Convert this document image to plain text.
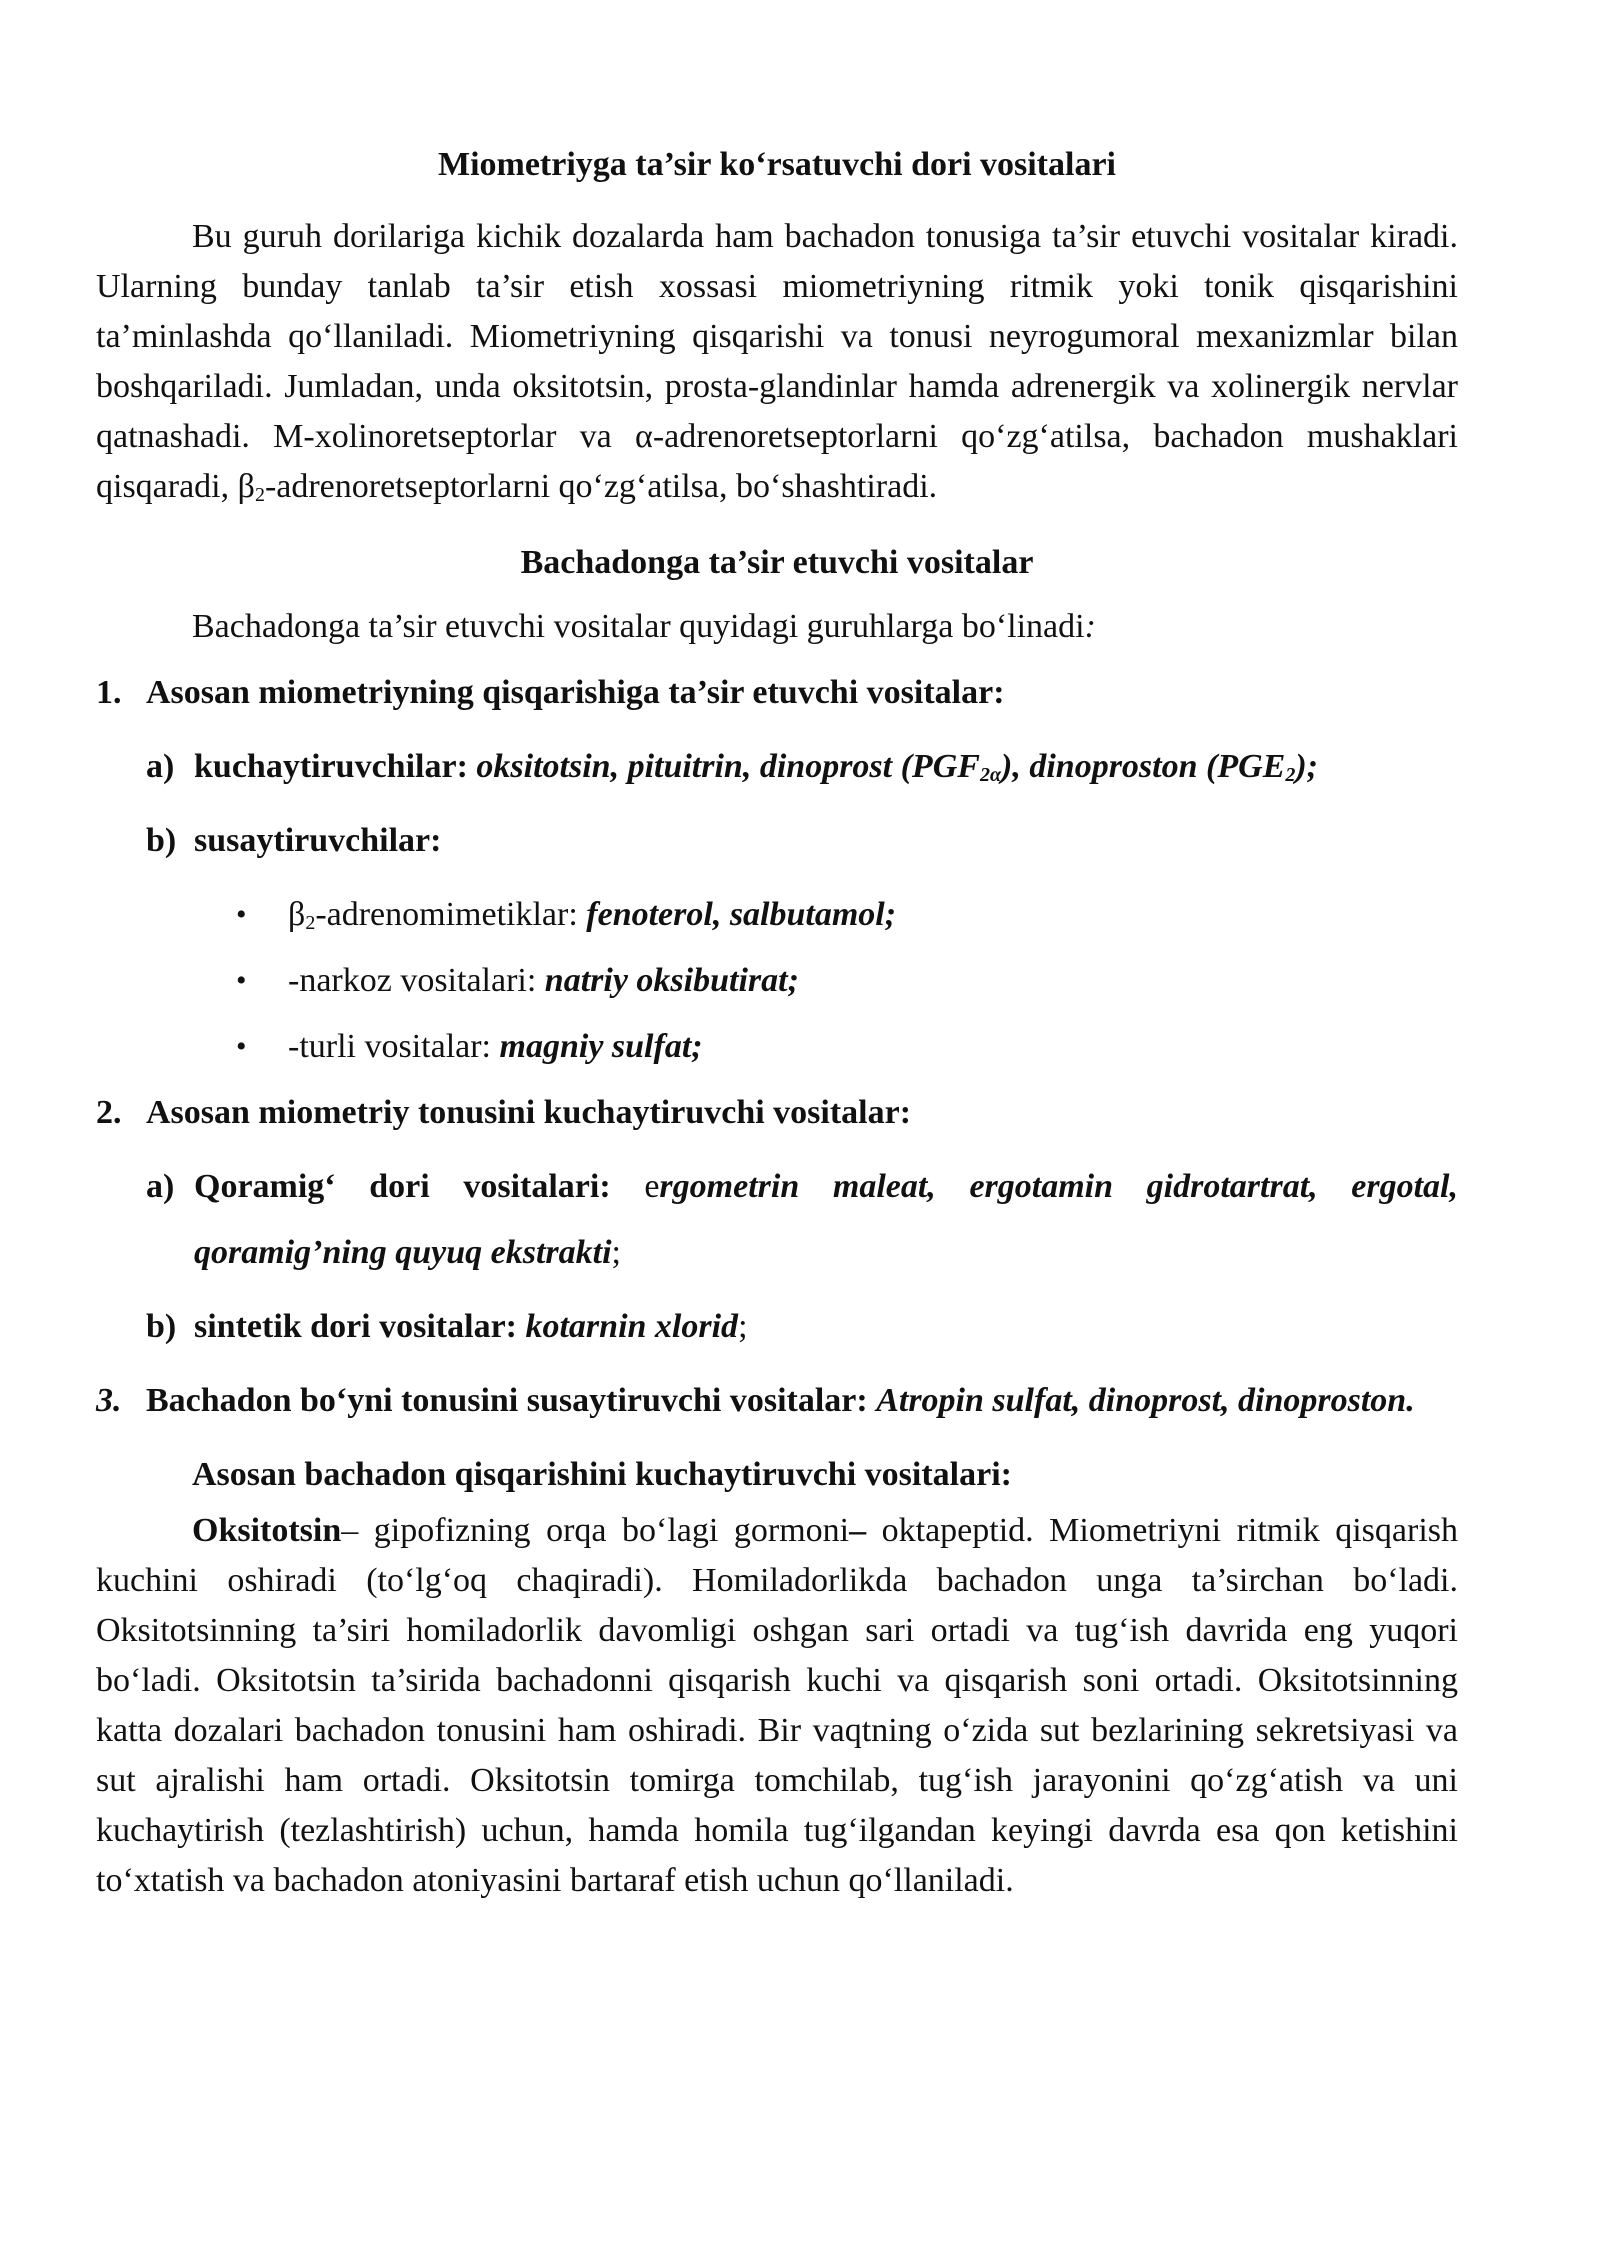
Miometriyga ta’sir ko‘rsatuvchi dori vositalari

Bu guruh dorilariga kichik dozalarda ham bachadon tonusiga ta’sir etuvchi vositalar kiradi. Ularning bunday tanlab ta’sir etish xossasi miometriyning ritmik yoki tonik qisqarishini ta’minlashda qo‘llaniladi. Miometriyning qisqarishi va tonusi neyrogumoral mexanizmlar bilan boshqariladi. Jumladan, unda oksitotsin, prosta-glandinlar hamda adrenergik va xolinergik nervlar qatnashadi. M-xolinoretseptorlar va α-adrenoretseptorlarni qo‘zg‘atilsa, bachadon mushaklari qisqaradi, $\beta_2$-adrenoretseptorlarni qo‘zg‘atilsa, bo‘shashtiradi.

Bachadonga ta’sir etuvchi vositalar

Bachadonga ta’sir etuvchi vositalar quyidagi guruhlarga bo‘linadi:

1. Asosan miometriyning qisqarishiga ta’sir etuvchi vositalar:
a) kuchaytiruvchilar: oksitotsin, pituitrin, dinoprost $(PGF_{2\alpha})$, dinoproston $(PGE_2)$;
b) susaytiruvchilar:
•	$\beta_2$-adrenomimetiklar: fenoterol, salbutamol;
•	-narkoz vositalari: natriy oksibutirat;
•	-turli vositalar: magniy sulfat;
2. Asosan miometriy tonusini kuchaytiruvchi vositalar:
a) Qoramig‘ dori vositalari: ergometrin maleat, ergotamin gidrotartrat, ergotal, qoramig’ning quyuq ekstrakti;
b) sintetik dori vositalar: kotarnin xlorid;
3. Bachadon bo‘yni tonusini susaytiruvchi vositalar: Atropin sulfat, dinoprost, dinoproston.

Asosan bachadon qisqarishini kuchaytiruvchi vositalari:

Oksitotsin– gipofizning orqa bo‘lagi gormoni– oktapeptid. Miometriyni ritmik qisqarish kuchini oshiradi (to‘lg‘oq chaqiradi). Homiladorlikda bachadon unga ta’sirchan bo‘ladi. Oksitotsinning ta’siri homiladorlik davomligi oshgan sari ortadi va tug‘ish davrida eng yuqori bo‘ladi. Oksitotsin ta’sirida bachadonni qisqarish kuchi va qisqarish soni ortadi. Oksitotsinning katta dozalari bachadon tonusini ham oshiradi. Bir vaqtning o‘zida sut bezlarining sekretsiyasi va sut ajralishi ham ortadi. Oksitotsin tomirga tomchilab, tug‘ish jarayonini qo‘zg‘atish va uni kuchaytirish (tezlashtirish) uchun, hamda homila tug‘ilgandan keyingi davrda esa qon ketishini to‘xtatish va bachadon atoniyasini bartaraf etish uchun qo‘llaniladi.
